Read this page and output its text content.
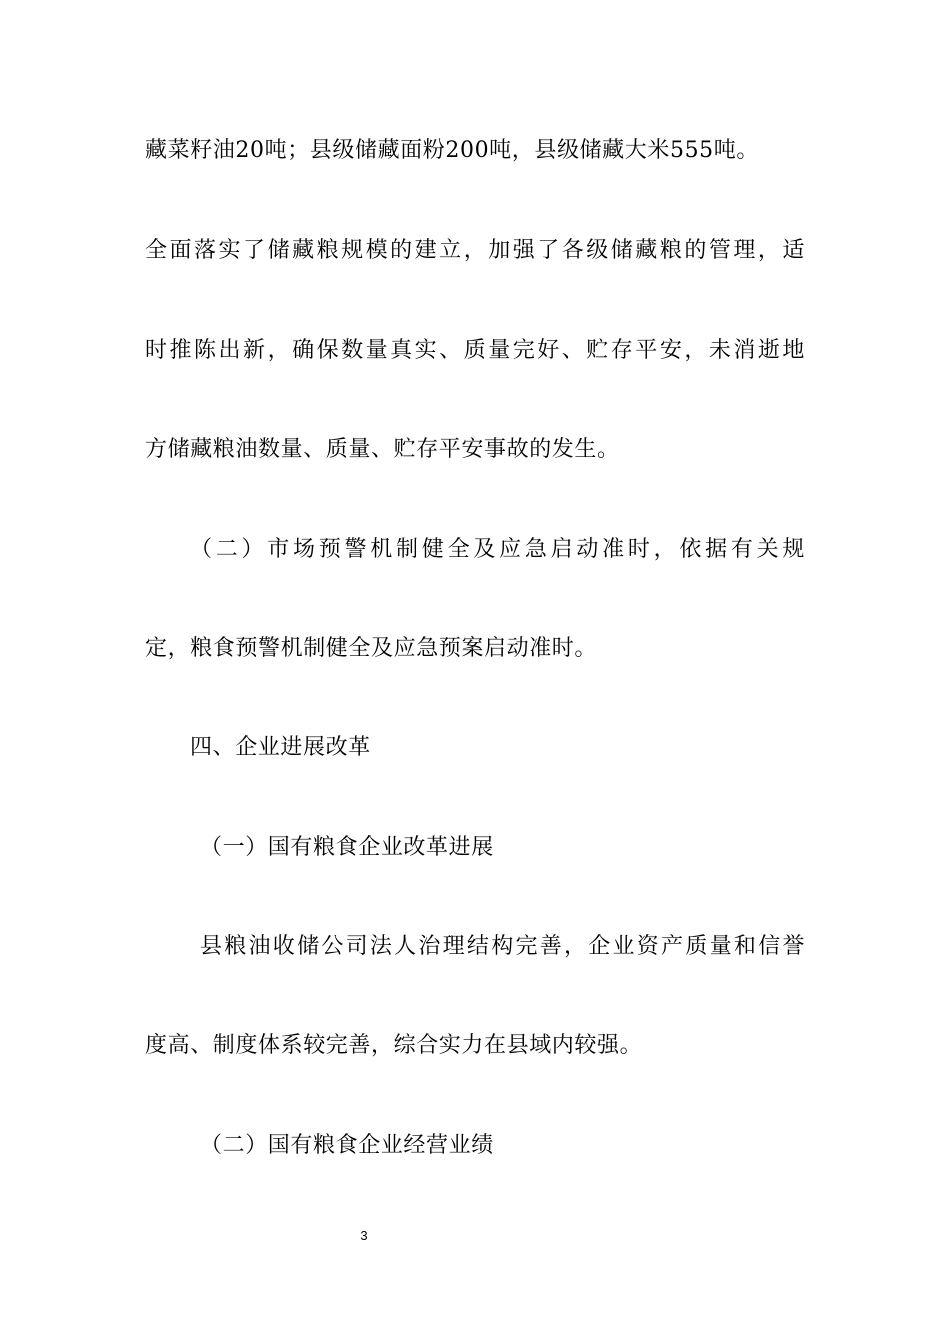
藏菜籽油20吨；县级储藏面粉200吨，县级储藏大米555吨。
全面落实了储藏粮规模的建立，加强了各级储藏粮的管理，适
时推陈出新，确保数量真实、质量完好、贮存平安，未消逝地
方储藏粮油数量、质量、贮存平安事故的发生。
（二）市场预警机制健全及应急启动准时，依据有关规
定，粮食预警机制健全及应急预案启动准时。
四、企业进展改革
（一）国有粮食企业改革进展
县粮油收储公司法人治理结构完善，企业资产质量和信誉
度高、制度体系较完善，综合实力在县域内较强。
（二）国有粮食企业经营业绩
3
